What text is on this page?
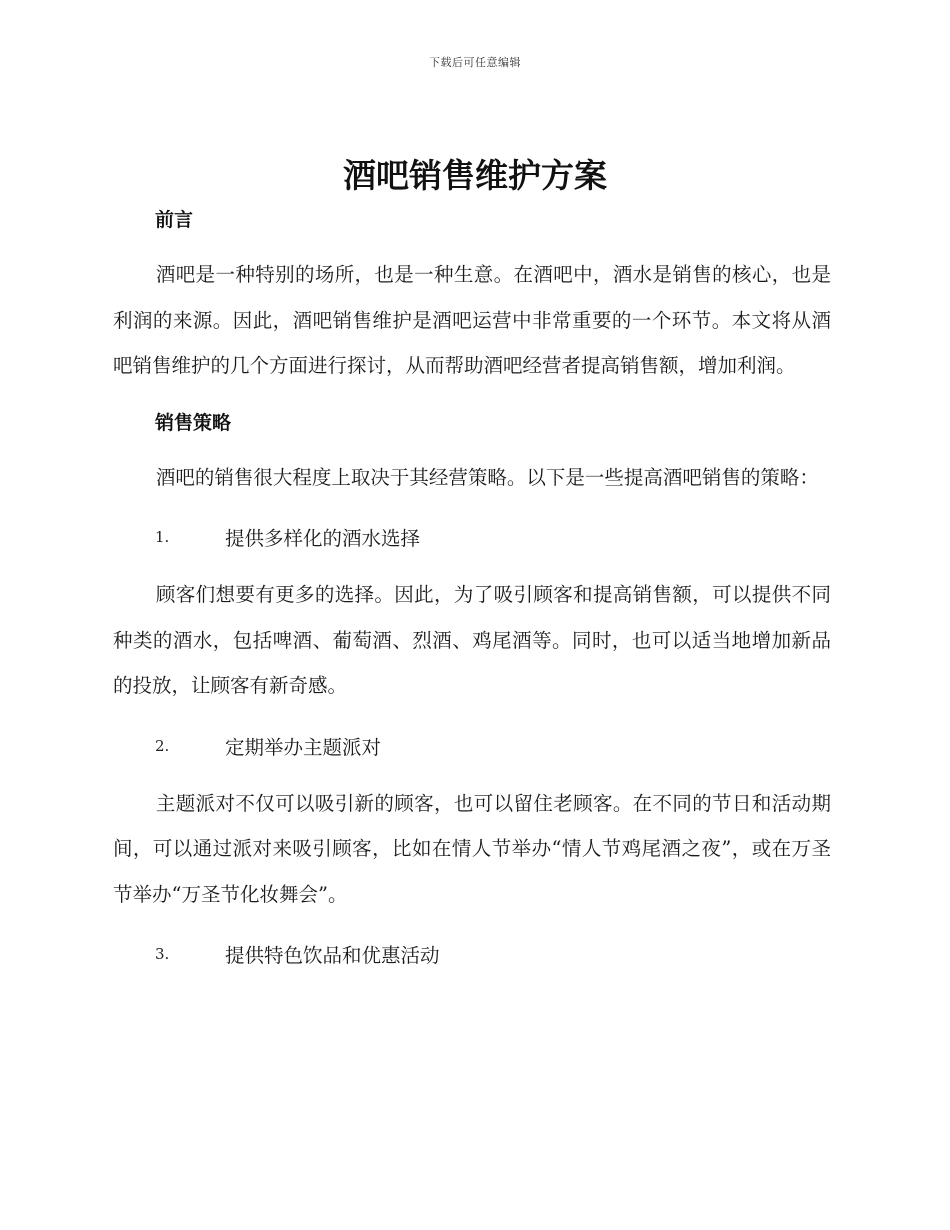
下载后可任意编辑
酒吧销售维护方案
前言

酒吧是一种特别的场所，也是一种生意。在酒吧中，酒水是销售的核心，也是利润的来源。因此，酒吧销售维护是酒吧运营中非常重要的一个环节。本文将从酒吧销售维护的几个方面进行探讨，从而帮助酒吧经营者提高销售额，增加利润。

销售策略

酒吧的销售很大程度上取决于其经营策略。以下是一些提高酒吧销售的策略：

1.	提供多样化的酒水选择

顾客们想要有更多的选择。因此，为了吸引顾客和提高销售额，可以提供不同种类的酒水，包括啤酒、葡萄酒、烈酒、鸡尾酒等。同时，也可以适当地增加新品的投放，让顾客有新奇感。

2.	定期举办主题派对

主题派对不仅可以吸引新的顾客，也可以留住老顾客。在不同的节日和活动期间，可以通过派对来吸引顾客，比如在情人节举办“情人节鸡尾酒之夜”，或在万圣节举办“万圣节化妆舞会”。

3.	提供特色饮品和优惠活动
